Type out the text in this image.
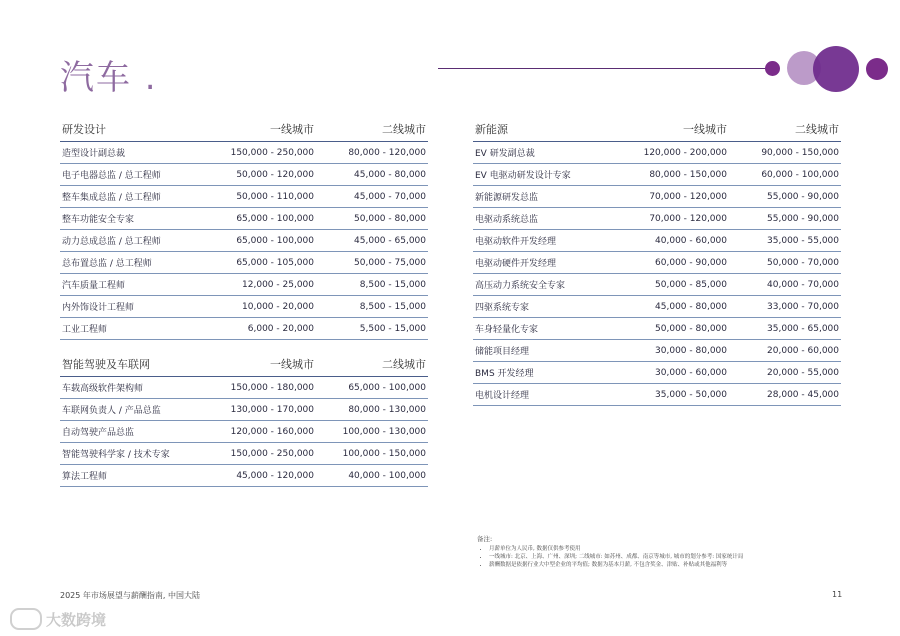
汽车 .
研发设计	一线城市	二线城市
造型设计副总裁	150,000 - 250,000	80,000 - 120,000
电子电器总监 / 总工程师	50,000 - 120,000	45,000 - 80,000
整车集成总监 / 总工程师	50,000 - 110,000	45,000 - 70,000
整车功能安全专家	65,000 - 100,000	50,000 - 80,000
动力总成总监 / 总工程师	65,000 - 100,000	45,000 - 65,000
总布置总监 / 总工程师	65,000 - 105,000	50,000 - 75,000
汽车质量工程师	12,000 - 25,000	8,500 - 15,000
内外饰设计工程师	10,000 - 20,000	8,500 - 15,000
工业工程师	6,000 - 20,000	5,500 - 15,000
智能驾驶及车联网	一线城市	二线城市
车载高级软件架构师	150,000 - 180,000	65,000 - 100,000
车联网负责人 / 产品总监	130,000 - 170,000	80,000 - 130,000
自动驾驶产品总监	120,000 - 160,000	100,000 - 130,000
智能驾驶科学家 / 技术专家	150,000 - 250,000	100,000 - 150,000
算法工程师	45,000 - 120,000	40,000 - 100,000
新能源	一线城市	二线城市
EV 研发副总裁	120,000 - 200,000	90,000 - 150,000
EV 电驱动研发设计专家	80,000 - 150,000	60,000 - 100,000
新能源研发总监	70,000 - 120,000	55,000 - 90,000
电驱动系统总监	70,000 - 120,000	55,000 - 90,000
电驱动软件开发经理	40,000 - 60,000	35,000 - 55,000
电驱动硬件开发经理	60,000 - 90,000	50,000 - 70,000
高压动力系统安全专家	50,000 - 85,000	40,000 - 70,000
四驱系统专家	45,000 - 80,000	33,000 - 70,000
车身轻量化专家	50,000 - 80,000	35,000 - 65,000
储能项目经理	30,000 - 80,000	20,000 - 60,000
BMS 开发经理	30,000 - 60,000	20,000 - 55,000
电机设计经理	35,000 - 50,000	28,000 - 45,000
备注:
• 月薪单位为人民币, 数据仅供参考使用
• 一线城市: 北京、上海、广州、深圳; 二线城市: 如苏州、成都、南京等城市, 城市的划分参考: 国家统计局
• 薪酬数据是依据行业大中型企业的平均值; 数据为基本月薪, 不包含奖金、津贴、补贴或其他福利等
2025 年市场展望与薪酬指南, 中国大陆	11
大数跨境
